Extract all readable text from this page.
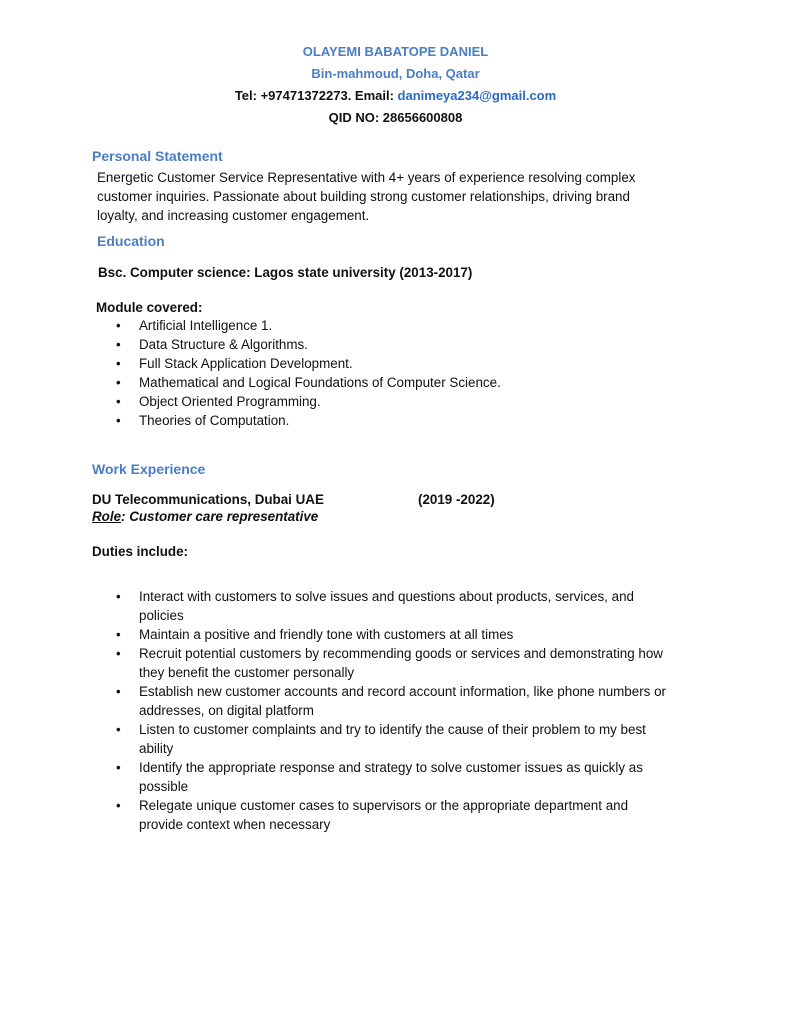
OLAYEMI BABATOPE DANIEL
Bin-mahmoud, Doha, Qatar
Tel: +97471372273. Email: danimeya234@gmail.com
QID NO: 28656600808
Personal Statement
Energetic Customer Service Representative with 4+ years of experience resolving complex
customer inquiries. Passionate about building strong customer relationships, driving brand
loyalty, and increasing customer engagement.
Education
Bsc. Computer science: Lagos state university (2013-2017)
Module covered:
• Artificial Intelligence 1.
• Data Structure & Algorithms.
• Full Stack Application Development.
• Mathematical and Logical Foundations of Computer Science.
• Object Oriented Programming.
• Theories of Computation.
Work Experience
DU Telecommunications, Dubai UAE	(2019 -2022)
Role: Customer care representative
Duties include:
• Interact with customers to solve issues and questions about products, services, and
policies
• Maintain a positive and friendly tone with customers at all times
• Recruit potential customers by recommending goods or services and demonstrating how
they benefit the customer personally
• Establish new customer accounts and record account information, like phone numbers or
addresses, on digital platform
• Listen to customer complaints and try to identify the cause of their problem to my best
ability
• Identify the appropriate response and strategy to solve customer issues as quickly as
possible
• Relegate unique customer cases to supervisors or the appropriate department and
provide context when necessary
